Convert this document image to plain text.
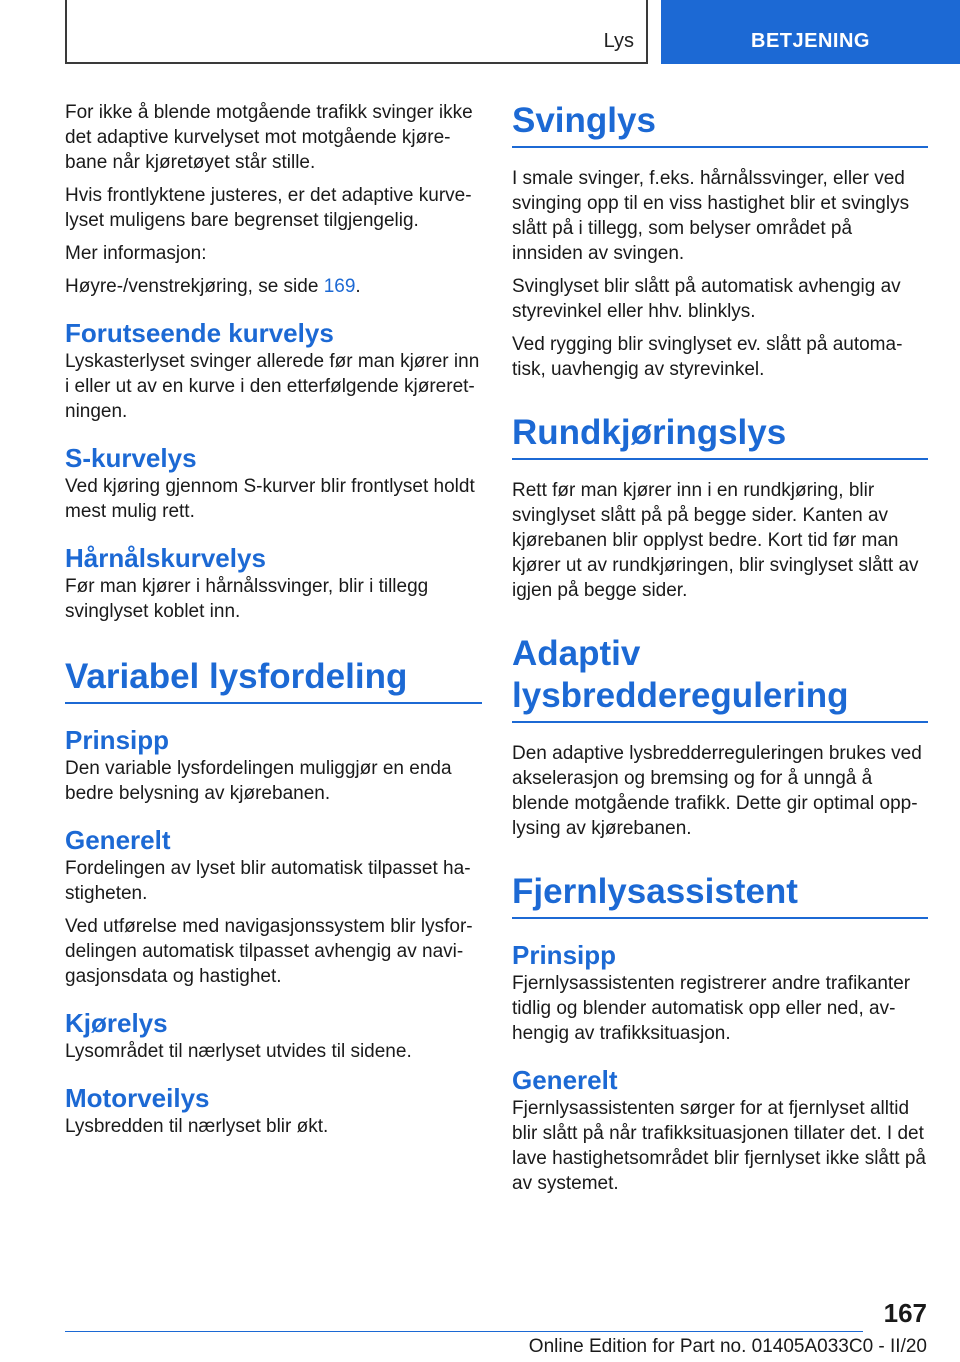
Lys	BETJENING

For ikke å blende motgående trafikk svinger ikke det adaptive kurvelyset mot motgående kjørebane når kjøretøyet står stille.

Hvis frontlyktene justeres, er det adaptive kurvelyset muligens bare begrenset tilgjengelig.

Mer informasjon:

Høyre-/venstrekjøring, se side 169.

Forutseende kurvelys

Lyskasterlyset svinger allerede før man kjører inn i eller ut av en kurve i den etterfølgende kjøreretningen.

S-kurvelys

Ved kjøring gjennom S-kurver blir frontlyset holdt mest mulig rett.

Hårnålskurvelys

Før man kjører i hårnålssvinger, blir i tillegg svinglyset koblet inn.

Variabel lysfordeling
Prinsipp

Den variable lysfordelingen muliggjør en enda bedre belysning av kjørebanen.

Generelt

Fordelingen av lyset blir automatisk tilpasset hastigheten.

Ved utførelse med navigasjonssystem blir lysfordelingen automatisk tilpasset avhengig av navigasjonsdata og hastighet.

Kjørelys

Lysområdet til nærlyset utvides til sidene.

Motorveilys

Lysbredden til nærlyset blir økt.

Svinglys

I smale svinger, f.eks. hårnålssvinger, eller ved svinging opp til en viss hastighet blir et svinglys slått på i tillegg, som belyser området på innsiden av svingen.

Svinglyset blir slått på automatisk avhengig av styrevinkel eller hhv. blinklys.

Ved rygging blir svinglyset ev. slått på automatisk, uavhengig av styrevinkel.

Rundkjøringslys

Rett før man kjører inn i en rundkjøring, blir svinglyset slått på på begge sider. Kanten av kjørebanen blir opplyst bedre. Kort tid før man kjører ut av rundkjøringen, blir svinglyset slått av igjen på begge sider.

Adaptiv
lysbredderegulering

Den adaptive lysbredderreguleringen brukes ved akselerasjon og bremsing og for å unngå å blende motgående trafikk. Dette gir optimal opplysing av kjørebanen.

Fjernlysassistent
Prinsipp

Fjernlysassistenten registrerer andre trafikanter tidlig og blender automatisk opp eller ned, avhengig av trafikksituasjon.

Generelt

Fjernlysassistenten sørger for at fjernlyset alltid blir slått på når trafikksituasjonen tillater det. I det lave hastighetsområdet blir fjernlyset ikke slått på av systemet.

167
Online Edition for Part no. 01405A033C0 - II/20
